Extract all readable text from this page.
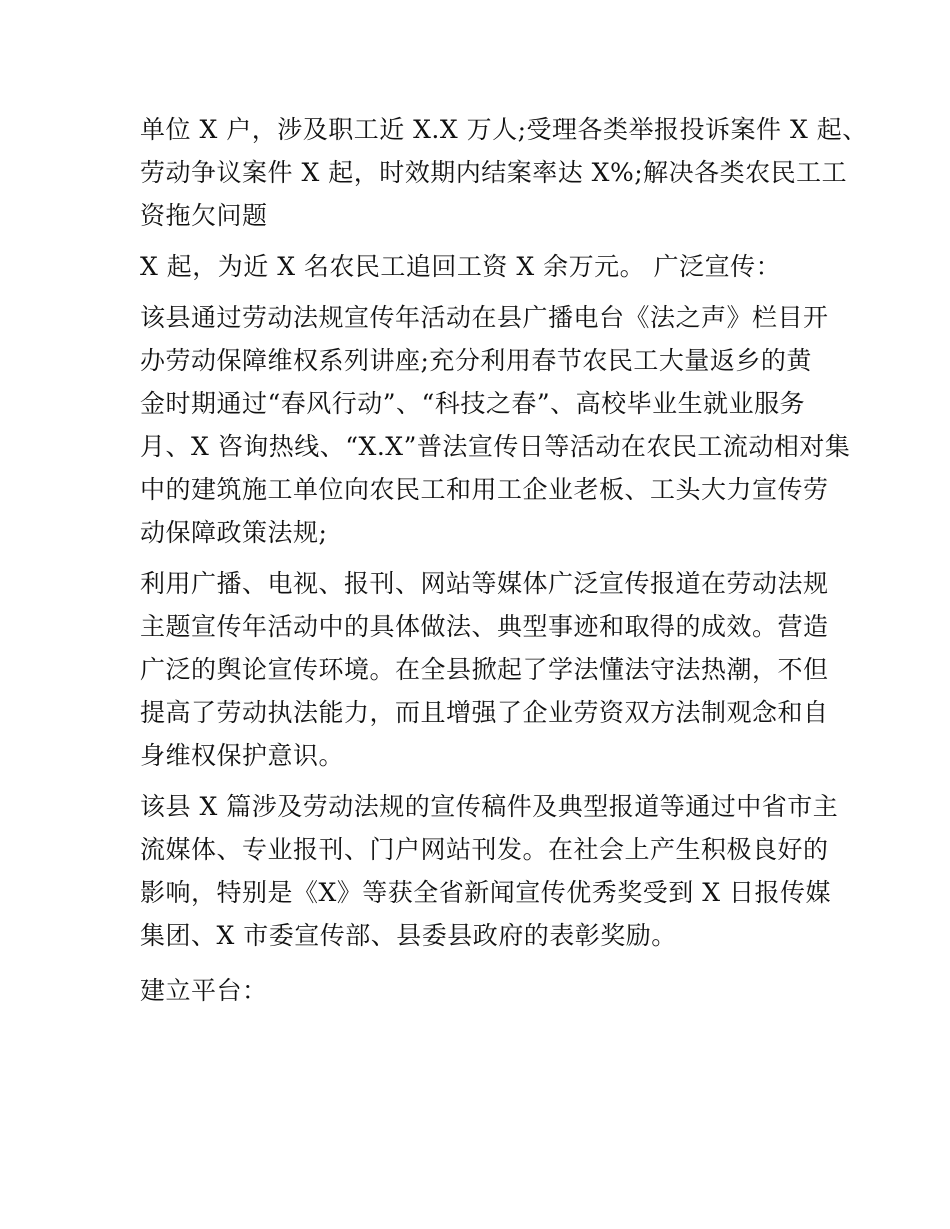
单位 X 户，涉及职工近 X.X 万人;受理各类举报投诉案件 X 起、
劳动争议案件 X 起，时效期内结案率达 X%;解决各类农民工工
资拖欠问题
X 起，为近 X 名农民工追回工资 X 余万元。 广泛宣传：
该县通过劳动法规宣传年活动在县广播电台《法之声》栏目开
办劳动保障维权系列讲座;充分利用春节农民工大量返乡的黄
金时期通过“春风行动”、“科技之春”、高校毕业生就业服务
月、X 咨询热线、“X.X”普法宣传日等活动在农民工流动相对集
中的建筑施工单位向农民工和用工企业老板、工头大力宣传劳
动保障政策法规;
利用广播、电视、报刊、网站等媒体广泛宣传报道在劳动法规
主题宣传年活动中的具体做法、典型事迹和取得的成效。营造
广泛的舆论宣传环境。在全县掀起了学法懂法守法热潮，不但
提高了劳动执法能力，而且增强了企业劳资双方法制观念和自
身维权保护意识。
该县 X 篇涉及劳动法规的宣传稿件及典型报道等通过中省市主
流媒体、专业报刊、门户网站刊发。在社会上产生积极良好的
影响，特别是《X》等获全省新闻宣传优秀奖受到 X 日报传媒
集团、X 市委宣传部、县委县政府的表彰奖励。
建立平台：
